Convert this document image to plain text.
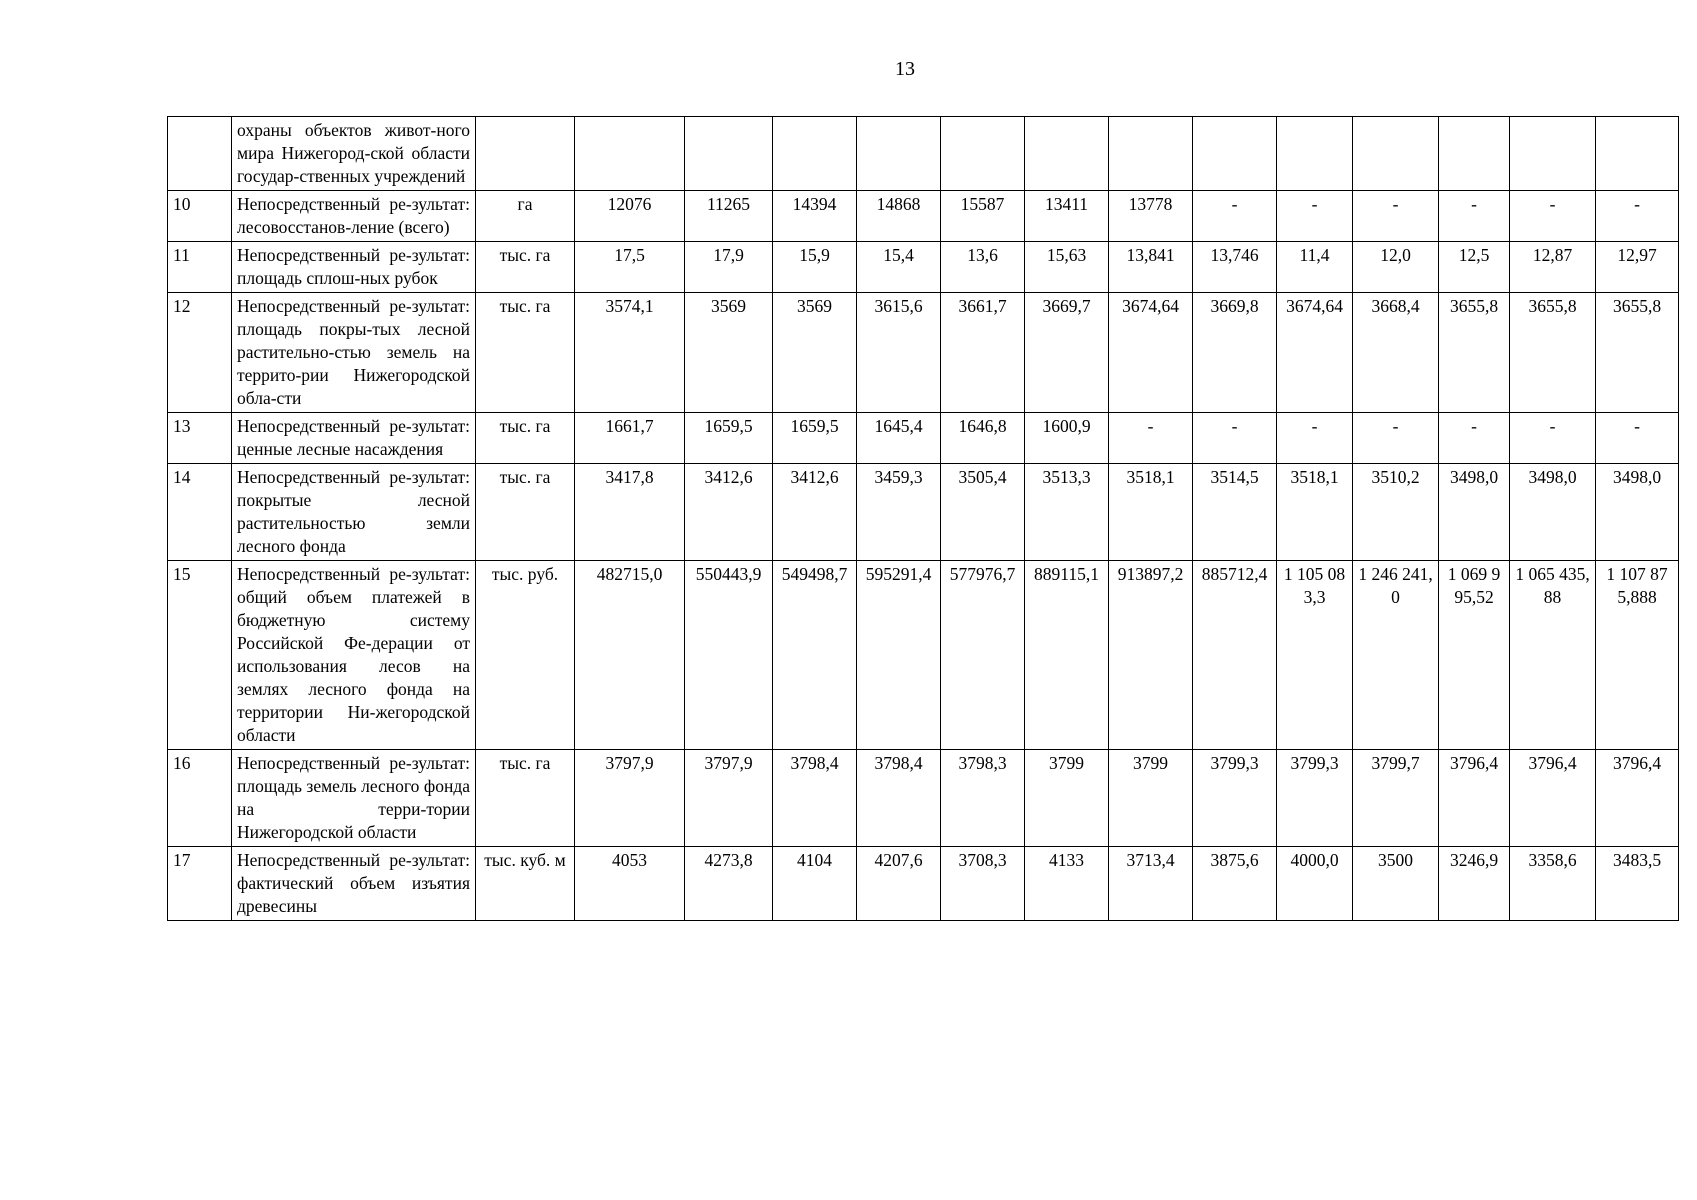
13
	охраны объектов живот-ного мира Нижегород-ской области государ-ственных учреждений														
10	Непосредственный ре-зультат: лесовосстанов-ление (всего)	га	12076	11265	14394	14868	15587	13411	13778	-	-	-	-	-	-
11	Непосредственный ре-зультат: площадь сплош-ных рубок	тыс. га	17,5	17,9	15,9	15,4	13,6	15,63	13,841	13,746	11,4	12,0	12,5	12,87	12,97
12	Непосредственный ре-зультат: площадь покры-тых лесной растительно-стью земель на террито-рии Нижегородской обла-сти	тыс. га	3574,1	3569	3569	3615,6	3661,7	3669,7	3674,64	3669,8	3674,64	3668,4	3655,8	3655,8	3655,8
13	Непосредственный ре-зультат: ценные лесные насаждения	тыс. га	1661,7	1659,5	1659,5	1645,4	1646,8	1600,9	-	-	-	-	-	-	-
14	Непосредственный ре-зультат: покрытые лесной растительностью земли лесного фонда	тыс. га	3417,8	3412,6	3412,6	3459,3	3505,4	3513,3	3518,1	3514,5	3518,1	3510,2	3498,0	3498,0	3498,0
15	Непосредственный ре-зультат: общий объем платежей в бюджетную систему Российской Фе-дерации от использования лесов на землях лесного фонда на территории Ни-жегородской области	тыс. руб.	482715,0	550443,9	549498,7	595291,4	577976,7	889115,1	913897,2	885712,4	1 105 083,3	1 246 241,0	1 069 995,52	1 065 435,88	1 107 875,888
16	Непосредственный ре-зультат: площадь земель лесного фонда на терри-тории Нижегородской области	тыс. га	3797,9	3797,9	3798,4	3798,4	3798,3	3799	3799	3799,3	3799,3	3799,7	3796,4	3796,4	3796,4
17	Непосредственный ре-зультат: фактический объем изъятия древесины	тыс. куб. м	4053	4273,8	4104	4207,6	3708,3	4133	3713,4	3875,6	4000,0	3500	3246,9	3358,6	3483,5
